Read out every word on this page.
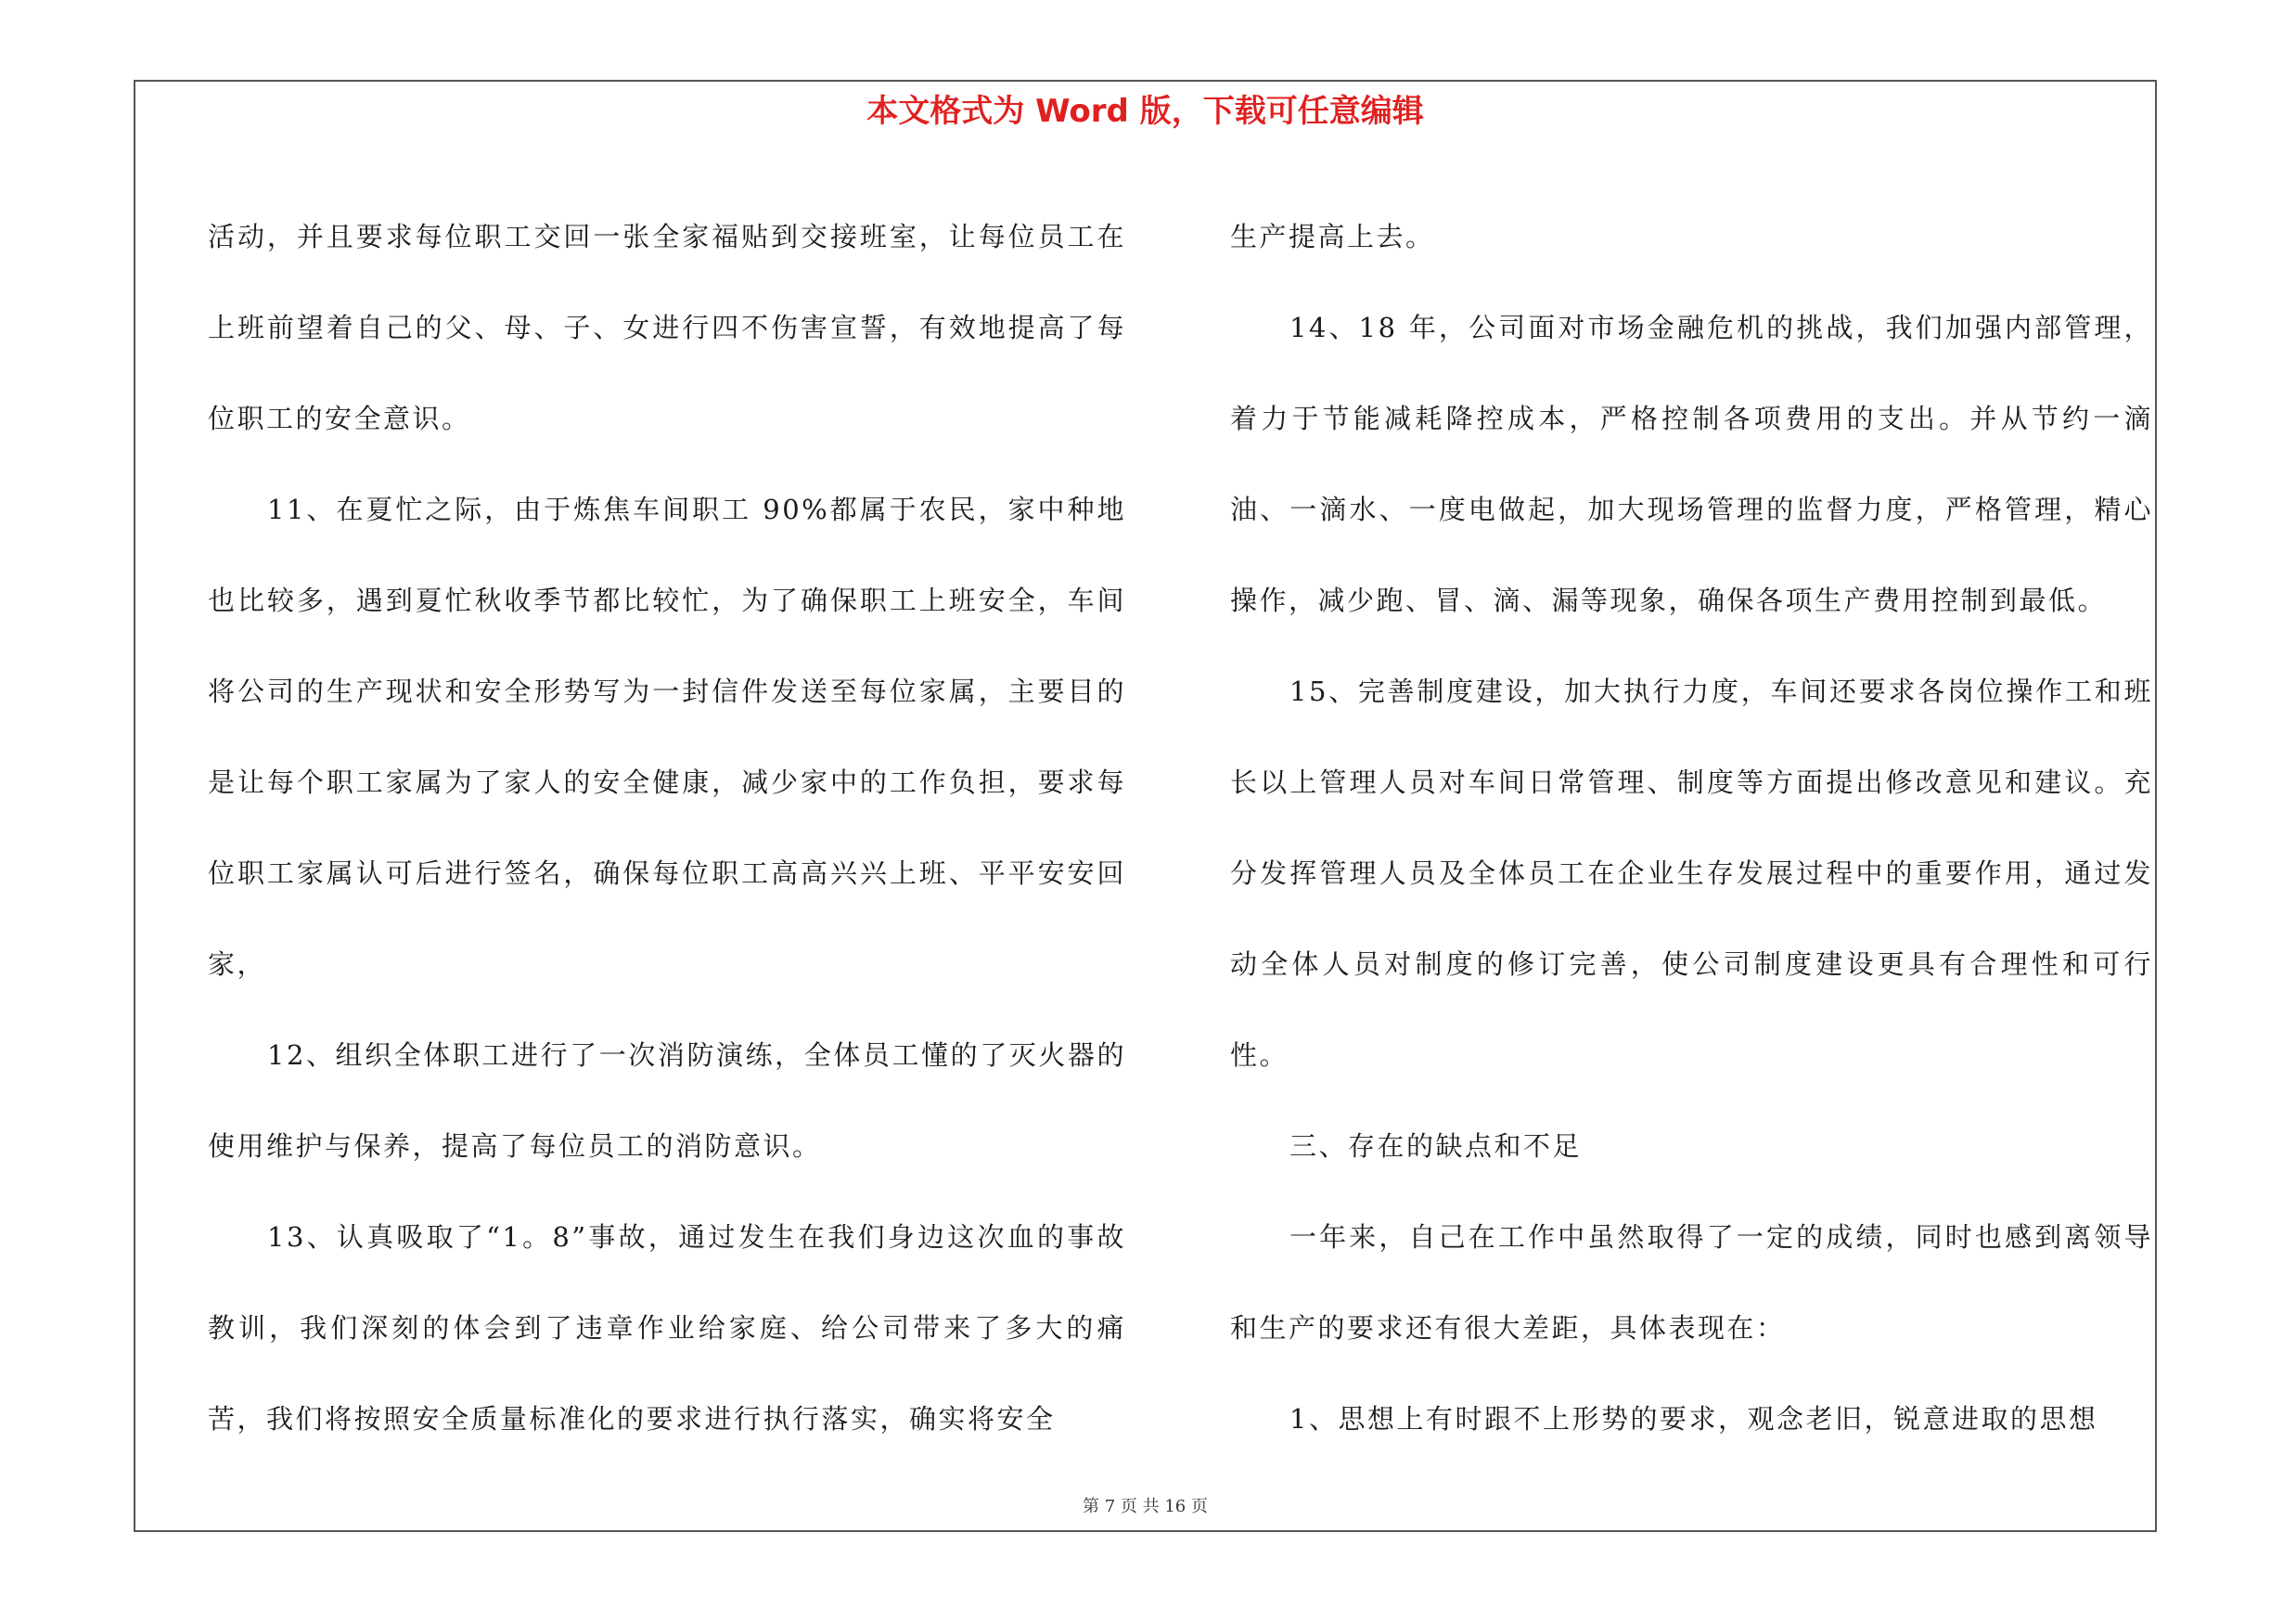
本文格式为 Word 版，下载可任意编辑

活动，并且要求每位职工交回一张全家福贴到交接班室，让每位员工在上班前望着自己的父、母、子、女进行四不伤害宣誓，有效地提高了每位职工的安全意识。

11、在夏忙之际，由于炼焦车间职工 90%都属于农民，家中种地也比较多，遇到夏忙秋收季节都比较忙，为了确保职工上班安全，车间将公司的生产现状和安全形势写为一封信件发送至每位家属，主要目的是让每个职工家属为了家人的安全健康，减少家中的工作负担，要求每位职工家属认可后进行签名，确保每位职工高高兴兴上班、平平安安回家，

12、组织全体职工进行了一次消防演练，全体员工懂的了灭火器的使用维护与保养，提高了每位员工的消防意识。

13、认真吸取了“1。8”事故，通过发生在我们身边这次血的事故教训，我们深刻的体会到了违章作业给家庭、给公司带来了多大的痛苦，我们将按照安全质量标准化的要求进行执行落实，确实将安全

生产提高上去。

14、18 年，公司面对市场金融危机的挑战，我们加强内部管理，着力于节能减耗降控成本，严格控制各项费用的支出。并从节约一滴油、一滴水、一度电做起，加大现场管理的监督力度，严格管理，精心操作，减少跑、冒、滴、漏等现象，确保各项生产费用控制到最低。

15、完善制度建设，加大执行力度，车间还要求各岗位操作工和班长以上管理人员对车间日常管理、制度等方面提出修改意见和建议。充分发挥管理人员及全体员工在企业生存发展过程中的重要作用，通过发动全体人员对制度的修订完善，使公司制度建设更具有合理性和可行性。

三、存在的缺点和不足

一年来，自己在工作中虽然取得了一定的成绩，同时也感到离领导和生产的要求还有很大差距，具体表现在：

1、思想上有时跟不上形势的要求，观念老旧，锐意进取的思想

第 7 页 共 16 页
